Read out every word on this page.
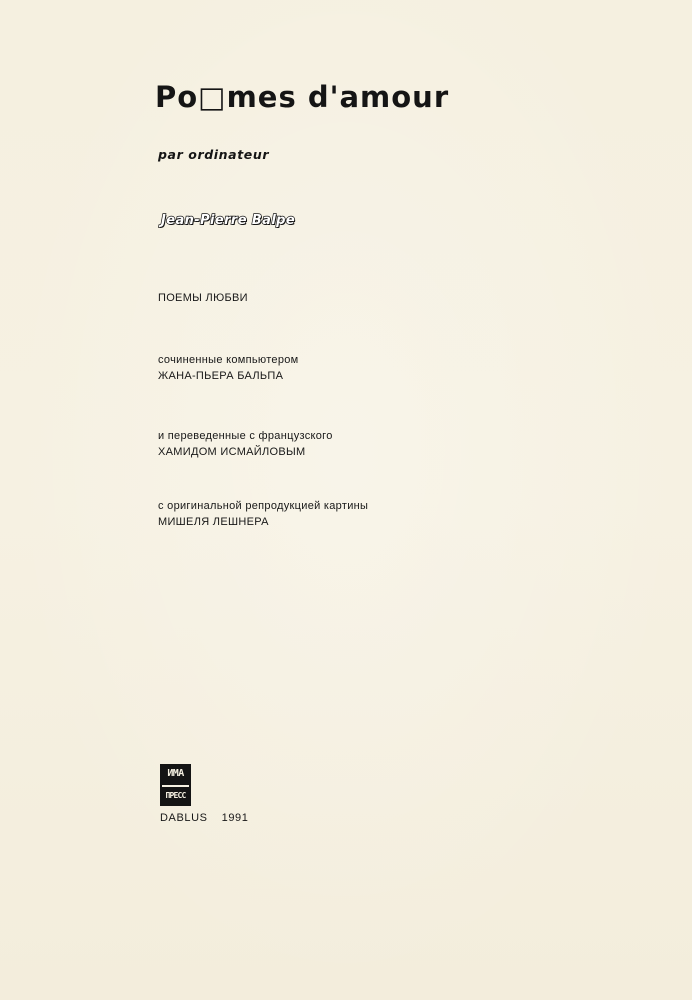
Po□mes d'amour
par ordinateur
Jean-Pierre Balpe
ПОЕМЫ ЛЮБВИ
сочиненные компьютером
ЖАНА-ПЬЕРА БАЛЬПА
и переведенные с французского
ХАМИДОМ ИСМАЙЛОВЫМ
с оригинальной репродукцией картины
МИШЕЛЯ ЛЕШНЕРА
ИМА
ПРЕСС
DABLUS 1991
